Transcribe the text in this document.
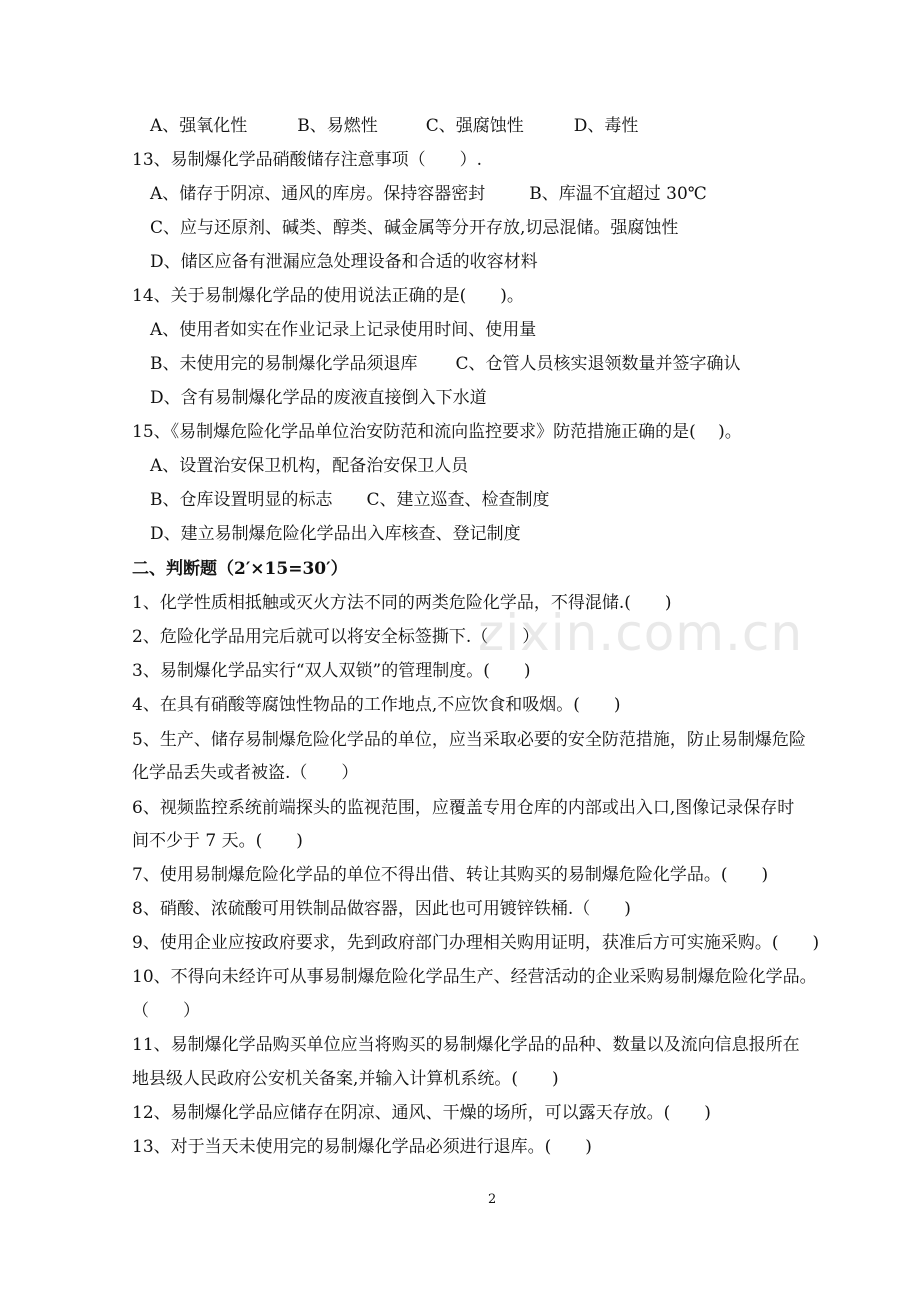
zixin.com.cn
A、强氧化性	B、易燃性	C、强腐蚀性	D、毒性
13、易制爆化学品硝酸储存注意事项（　　）.
A、储存于阴凉、通风的库房。保持容器密封	B、库温不宜超过 30℃
C、应与还原剂、碱类、醇类、碱金属等分开存放,切忌混储。强腐蚀性
D、储区应备有泄漏应急处理设备和合适的收容材料
14、关于易制爆化学品的使用说法正确的是(　　)。
A、使用者如实在作业记录上记录使用时间、使用量
B、未使用完的易制爆化学品须退库 C、仓管人员核实退领数量并签字确认
D、含有易制爆化学品的废液直接倒入下水道
15、《易制爆危险化学品单位治安防范和流向监控要求》防范措施正确的是(　 )。
A、设置治安保卫机构，配备治安保卫人员
B、仓库设置明显的标志 C、建立巡查、检查制度
D、建立易制爆危险化学品出入库核查、登记制度
二、判断题（2′×15=30′）
1、化学性质相抵触或灭火方法不同的两类危险化学品，不得混储.(　　)
2、危险化学品用完后就可以将安全标签撕下.（　　）
3、易制爆化学品实行“双人双锁”的管理制度。(　　)
4、在具有硝酸等腐蚀性物品的工作地点,不应饮食和吸烟。(　　)
5、生产、储存易制爆危险化学品的单位，应当采取必要的安全防范措施，防止易制爆危险
化学品丢失或者被盗.（　　）
6、视频监控系统前端探头的监视范围，应覆盖专用仓库的内部或出入口,图像记录保存时
间不少于 7 天。(　　)
7、使用易制爆危险化学品的单位不得出借、转让其购买的易制爆危险化学品。(　　)
8、硝酸、浓硫酸可用铁制品做容器，因此也可用镀锌铁桶.（　　)
9、使用企业应按政府要求，先到政府部门办理相关购用证明，获准后方可实施采购。(　　)
10、不得向未经许可从事易制爆危险化学品生产、经营活动的企业采购易制爆危险化学品。
（　　）
11、易制爆化学品购买单位应当将购买的易制爆化学品的品种、数量以及流向信息报所在
地县级人民政府公安机关备案,并输入计算机系统。(　　)
12、易制爆化学品应储存在阴凉、通风、干燥的场所，可以露天存放。(　　)
13、对于当天未使用完的易制爆化学品必须进行退库。(　　)
2
